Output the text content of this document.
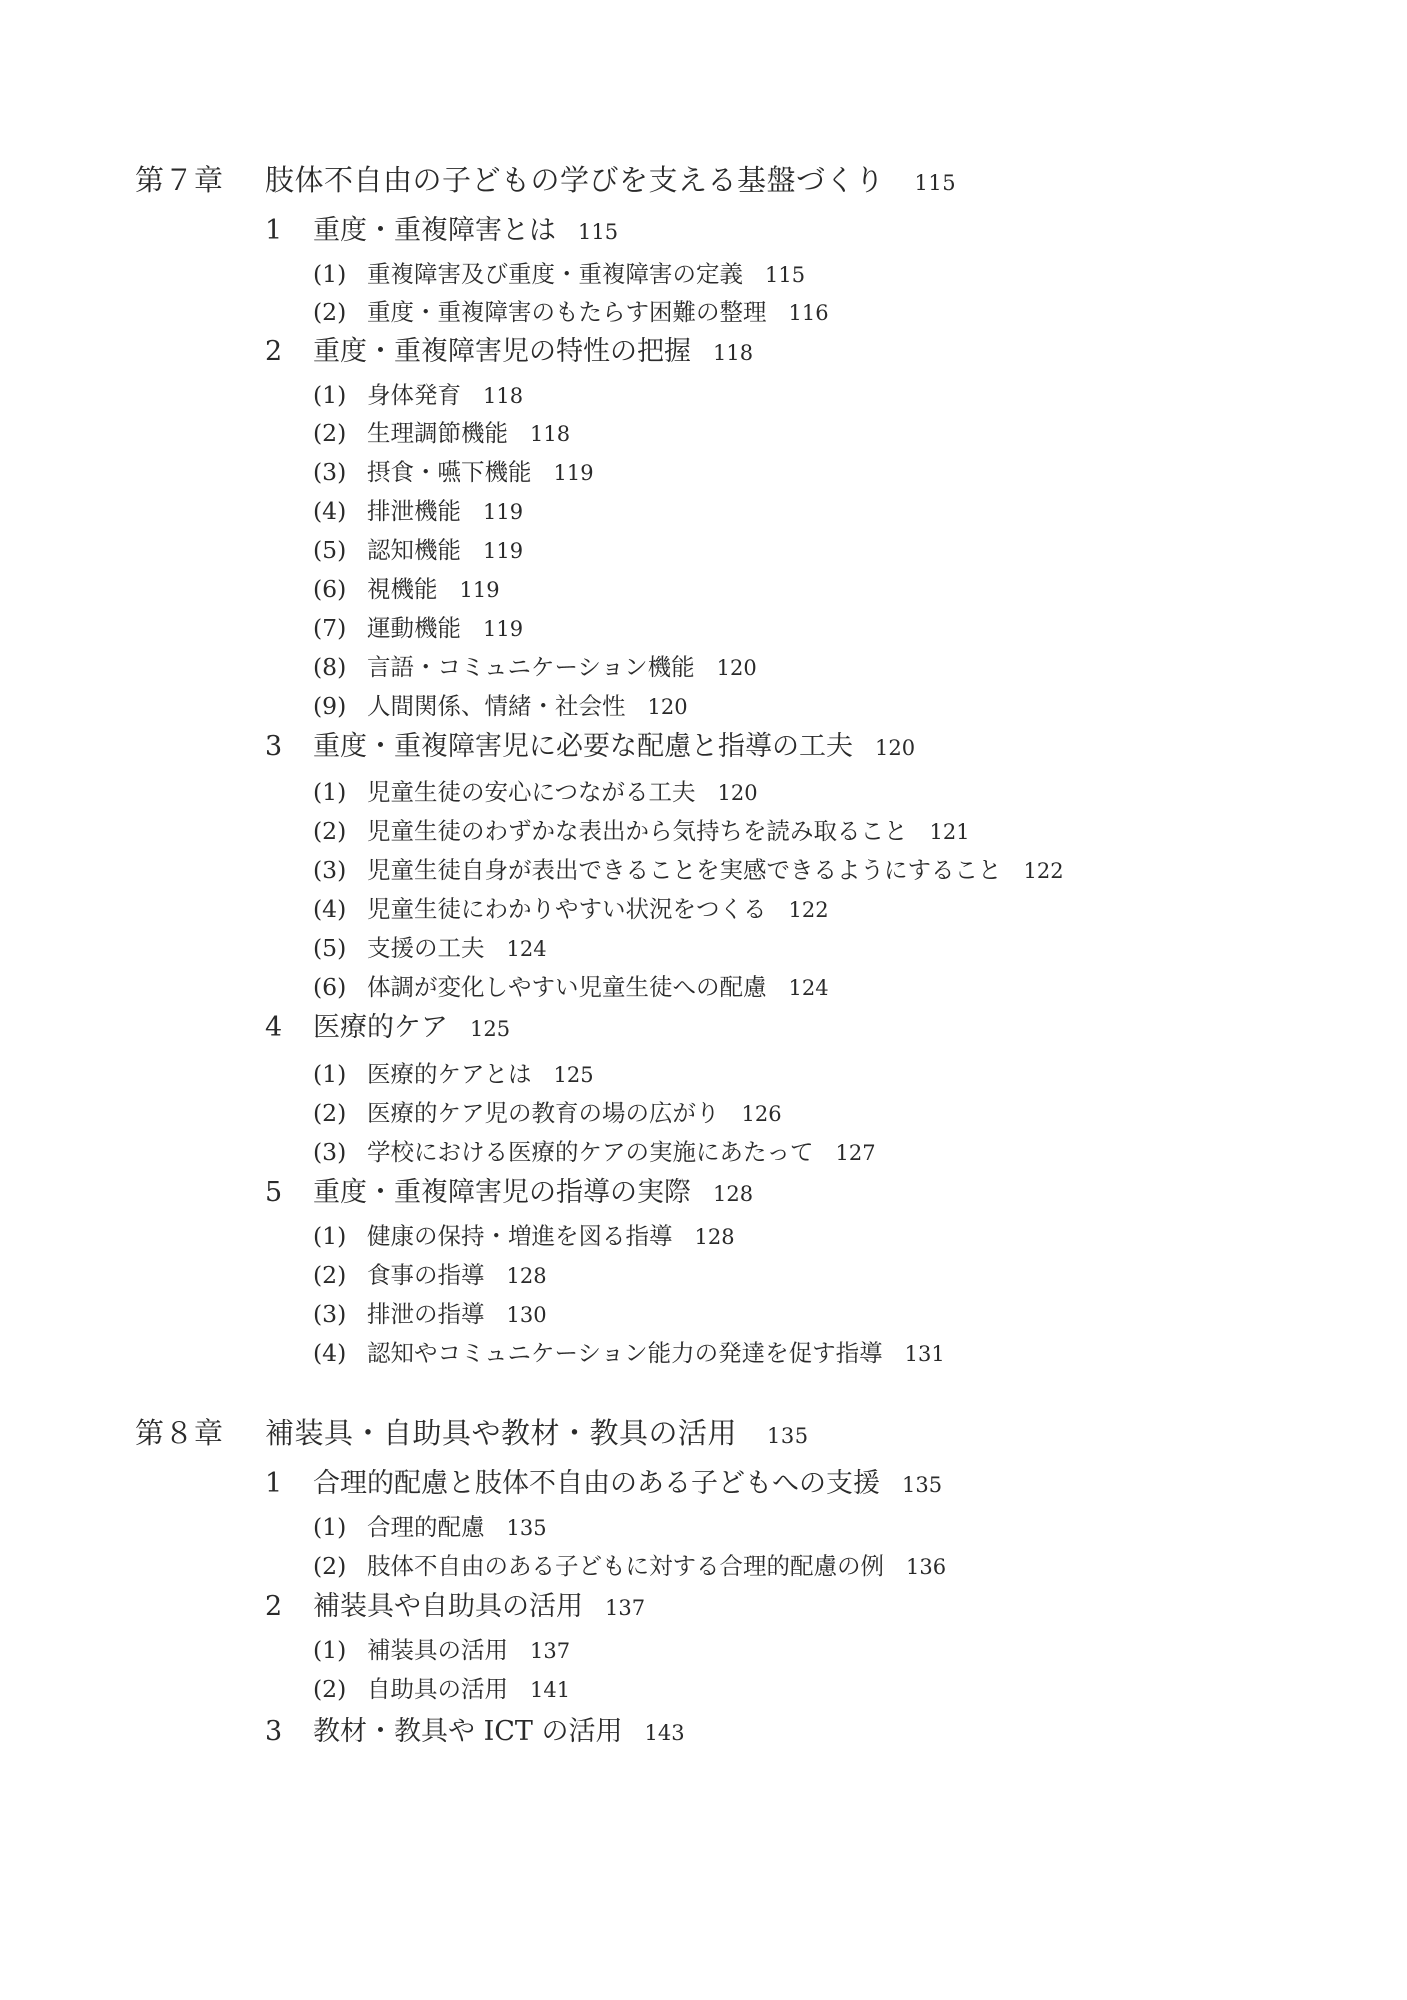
第７章 肢体不自由の子どもの学びを支える基盤づくり 115
1 重度・重複障害とは 115
(1) 重複障害及び重度・重複障害の定義 115
(2) 重度・重複障害のもたらす困難の整理 116
2 重度・重複障害児の特性の把握 118
(1) 身体発育 118
(2) 生理調節機能 118
(3) 摂食・嚥下機能 119
(4) 排泄機能 119
(5) 認知機能 119
(6) 視機能 119
(7) 運動機能 119
(8) 言語・コミュニケーション機能 120
(9) 人間関係、情緒・社会性 120
3 重度・重複障害児に必要な配慮と指導の工夫 120
(1) 児童生徒の安心につながる工夫 120
(2) 児童生徒のわずかな表出から気持ちを読み取ること 121
(3) 児童生徒自身が表出できることを実感できるようにすること 122
(4) 児童生徒にわかりやすい状況をつくる 122
(5) 支援の工夫 124
(6) 体調が変化しやすい児童生徒への配慮 124
4 医療的ケア 125
(1) 医療的ケアとは 125
(2) 医療的ケア児の教育の場の広がり 126
(3) 学校における医療的ケアの実施にあたって 127
5 重度・重複障害児の指導の実際 128
(1) 健康の保持・増進を図る指導 128
(2) 食事の指導 128
(3) 排泄の指導 130
(4) 認知やコミュニケーション能力の発達を促す指導 131
第８章 補装具・自助具や教材・教具の活用 135
1 合理的配慮と肢体不自由のある子どもへの支援 135
(1) 合理的配慮 135
(2) 肢体不自由のある子どもに対する合理的配慮の例 136
2 補装具や自助具の活用 137
(1) 補装具の活用 137
(2) 自助具の活用 141
3 教材・教具や ICT の活用 143
